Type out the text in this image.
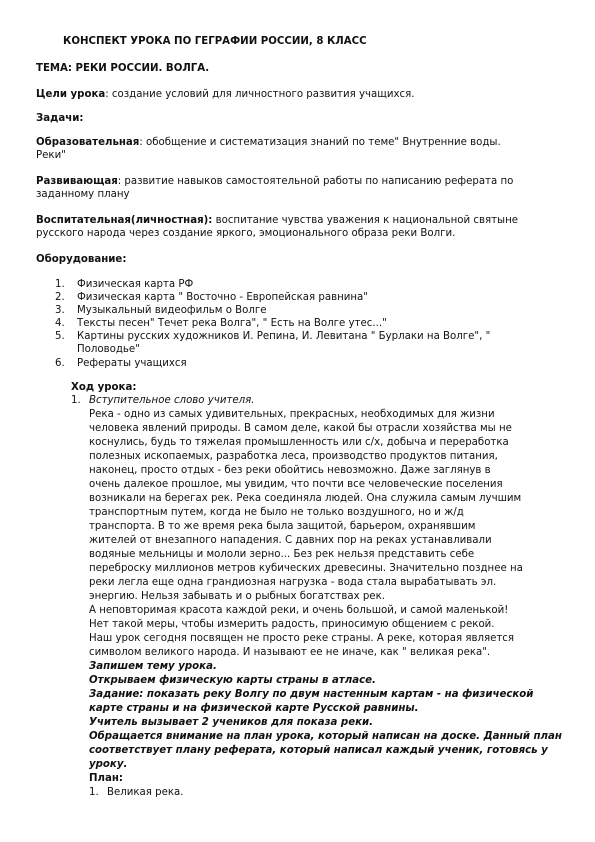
КОНСПЕКТ УРОКА ПО ГЕГРАФИИ РОССИИ, 8 КЛАСС
ТЕМА: РЕКИ РОССИИ. ВОЛГА.
Цели урока: создание условий для личностного развития учащихся.
Задачи:
Образовательная: обобщение и систематизация знаний по теме" Внутренние воды.
Реки"
Развивающая: развитие навыков самостоятельной работы по написанию реферата по
заданному плану
Воспитательная(личностная): воспитание чувства уважения к национальной святыне
русского народа через создание яркого, эмоционального образа реки Волги.
Оборудование:
1. Физическая карта РФ
2. Физическая карта " Восточно - Европейская равнина"
3. Музыкальный видеофильм о Волге
4. Тексты песен" Течет река Волга", " Есть на Волге утес..."
5. Картины русских художников И. Репина, И. Левитана " Бурлаки на Волге", "
Половодье"
6. Рефераты учащихся
Ход урока:
1. Вступительное слово учителя.
Река - одно из самых удивительных, прекрасных, необходимых для жизни
человека явлений природы. В самом деле, какой бы отрасли хозяйства мы не
коснулись, будь то тяжелая промышленность или с/х, добыча и переработка
полезных ископаемых, разработка леса, производство продуктов питания,
наконец, просто отдых - без реки обойтись невозможно. Даже заглянув в
очень далекое прошлое, мы увидим, что почти все человеческие поселения
возникали на берегах рек. Река соединяла людей. Она служила самым лучшим
транспортным путем, когда не было не только воздушного, но и ж/д
транспорта. В то же время река была защитой, барьером, охранявшим
жителей от внезапного нападения. С давних пор на реках устанавливали
водяные мельницы и мололи зерно... Без рек нельзя представить себе
переброску миллионов метров кубических древесины. Значительно позднее на
реки легла еще одна грандиозная нагрузка - вода стала вырабатывать эл.
энергию. Нельзя забывать и о рыбных богатствах рек.
А неповторимая красота каждой реки, и очень большой, и самой маленькой!
Нет такой меры, чтобы измерить радость, приносимую общением с рекой.
Наш урок сегодня посвящен не просто реке страны. А реке, которая является
символом великого народа. И называют ее не иначе, как " великая река".
Запишем тему урока.
Открываем физическую карты страны в атласе.
Задание: показать реку Волгу по двум настенным картам - на физической
карте страны и на физической карте Русской равнины.
Учитель вызывает 2 учеников для показа реки.
Обращается внимание на план урока, который написан на доске. Данный план
соответствует плану реферата, который написал каждый ученик, готовясь у
уроку.
План:
1. Великая река.
